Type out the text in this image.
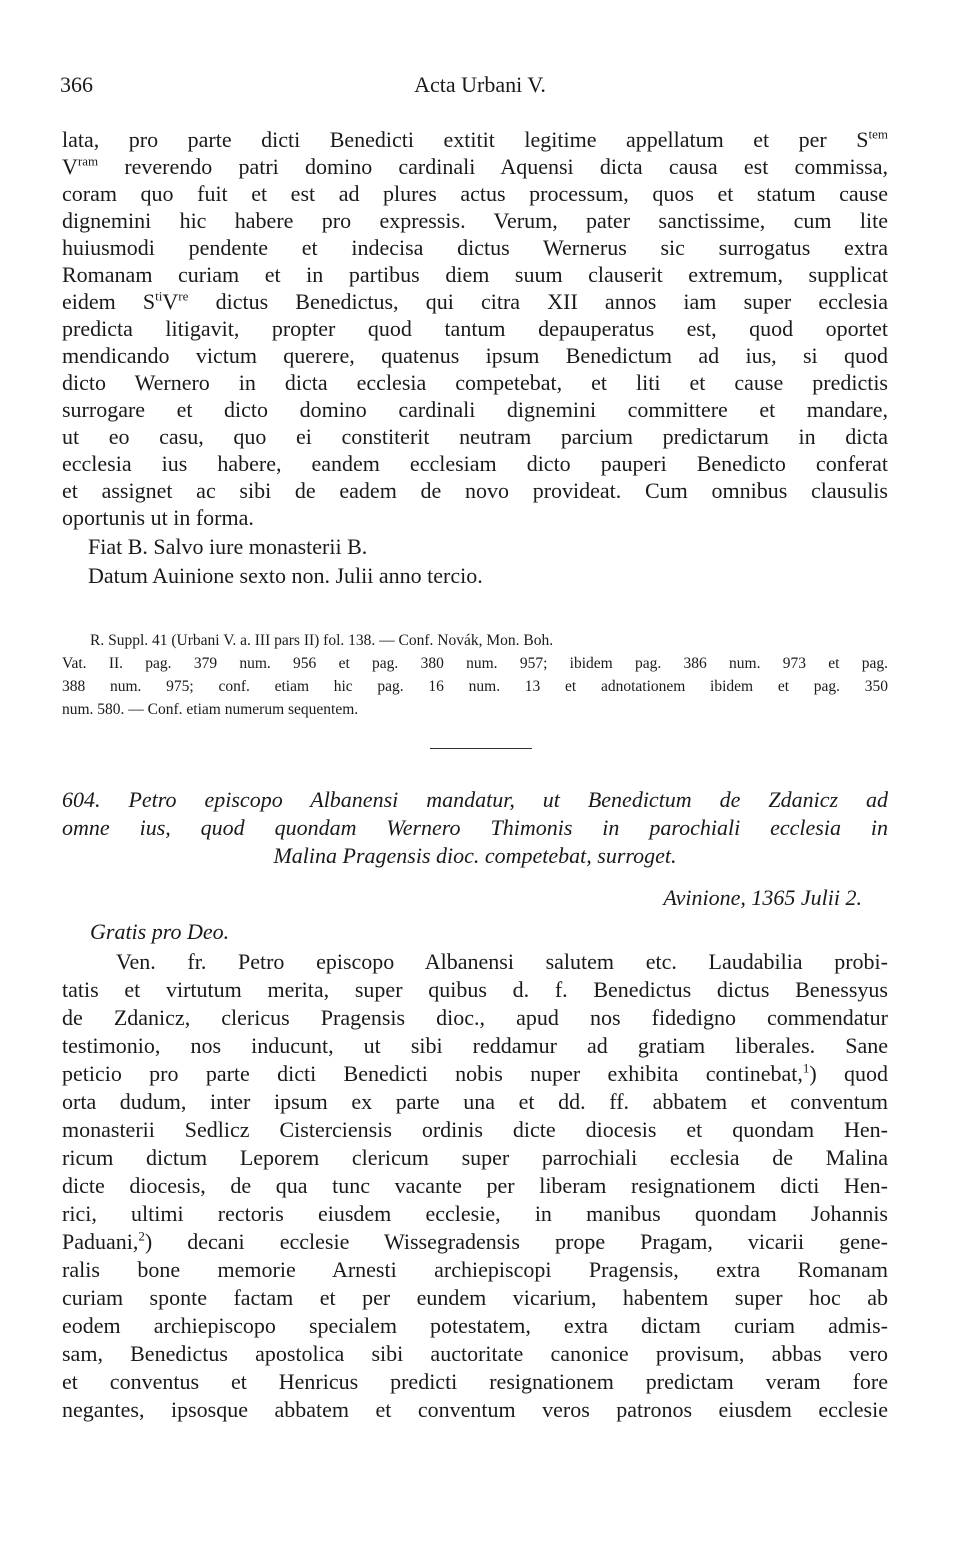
366	Acta Urbani V.
lata, pro parte dicti Benedicti extitit legitime appellatum et per $S^{tem}$
$V^{ram}$ reverendo patri domino cardinali Aquensi dicta causa est commissa,
coram quo fuit et est ad plures actus processum, quos et statum cause
dignemini hic habere pro expressis. Verum, pater sanctissime, cum lite
huiusmodi pendente et indecisa dictus Wernerus sic surrogatus extra
Romanam curiam et in partibus diem suum clauserit extremum, supplicat
eidem $S^{ti}Vre$ dictus Benedictus, qui citra XII annos iam super ecclesia
predicta litigavit, propter quod tantum depauperatus est, quod oportet
mendicando victum querere, quatenus ipsum Benedictum ad ius, si quod
dicto Wernero in dicta ecclesia competebat, et liti et cause predictis
surrogare et dicto domino cardinali dignemini committere et mandare,
ut eo casu, quo ei constiterit neutram parcium predictarum in dicta
ecclesia ius habere, eandem ecclesiam dicto pauperi Benedicto conferat
et assignet ac sibi de eadem de novo provideat. Cum omnibus clausulis
oportunis ut in forma.
Fiat B. Salvo iure monasterii B.
Datum Auinione sexto non. Julii anno tercio.
R. Suppl. 41 (Urbani V. a. III pars II) fol. 138. — Conf. Novák, Mon. Boh.
Vat. II. pag. 379 num. 956 et pag. 380 num. 957; ibidem pag. 386 num. 973 et pag.
388 num. 975; conf. etiam hic pag. 16 num. 13 et adnotationem ibidem et pag. 350
num. 580. — Conf. etiam numerum sequentem.
604. Petro episcopo Albanensi mandatur, ut Benedictum de Zdanicz ad
omne ius, quod quondam Wernero Thimonis in parochiali ecclesia in
Malina Pragensis dioc. competebat, surroget.
Avinione, 1365 Julii 2.
Gratis pro Deo.
Ven. fr. Petro episcopo Albanensi salutem etc. Laudabilia probi-
tatis et virtutum merita, super quibus d. f. Benedictus dictus Benessyus
de Zdanicz, clericus Pragensis dioc., apud nos fidedigno commendatur
testimonio, nos inducunt, ut sibi reddamur ad gratiam liberales. Sane
peticio pro parte dicti Benedicti nobis nuper exhibita continebat,$^1$) quod
orta dudum, inter ipsum ex parte una et dd. ff. abbatem et conventum
monasterii Sedlicz Cisterciensis ordinis dicte diocesis et quondam Hen-
ricum dictum Leporem clericum super parrochiali ecclesia de Malina
dicte diocesis, de qua tunc vacante per liberam resignationem dicti Hen-
rici, ultimi rectoris eiusdem ecclesie, in manibus quondam Johannis
Paduani,$^2$) decani ecclesie Wissegradensis prope Pragam, vicarii gene-
ralis bone memorie Arnesti archiepiscopi Pragensis, extra Romanam
curiam sponte factam et per eundem vicarium, habentem super hoc ab
eodem archiepiscopo specialem potestatem, extra dictam curiam admis-
sam, Benedictus apostolica sibi auctoritate canonice provisum, abbas vero
et conventus et Henricus predicti resignationem predictam veram fore
negantes, ipsosque abbatem et conventum veros patronos eiusdem ecclesie
